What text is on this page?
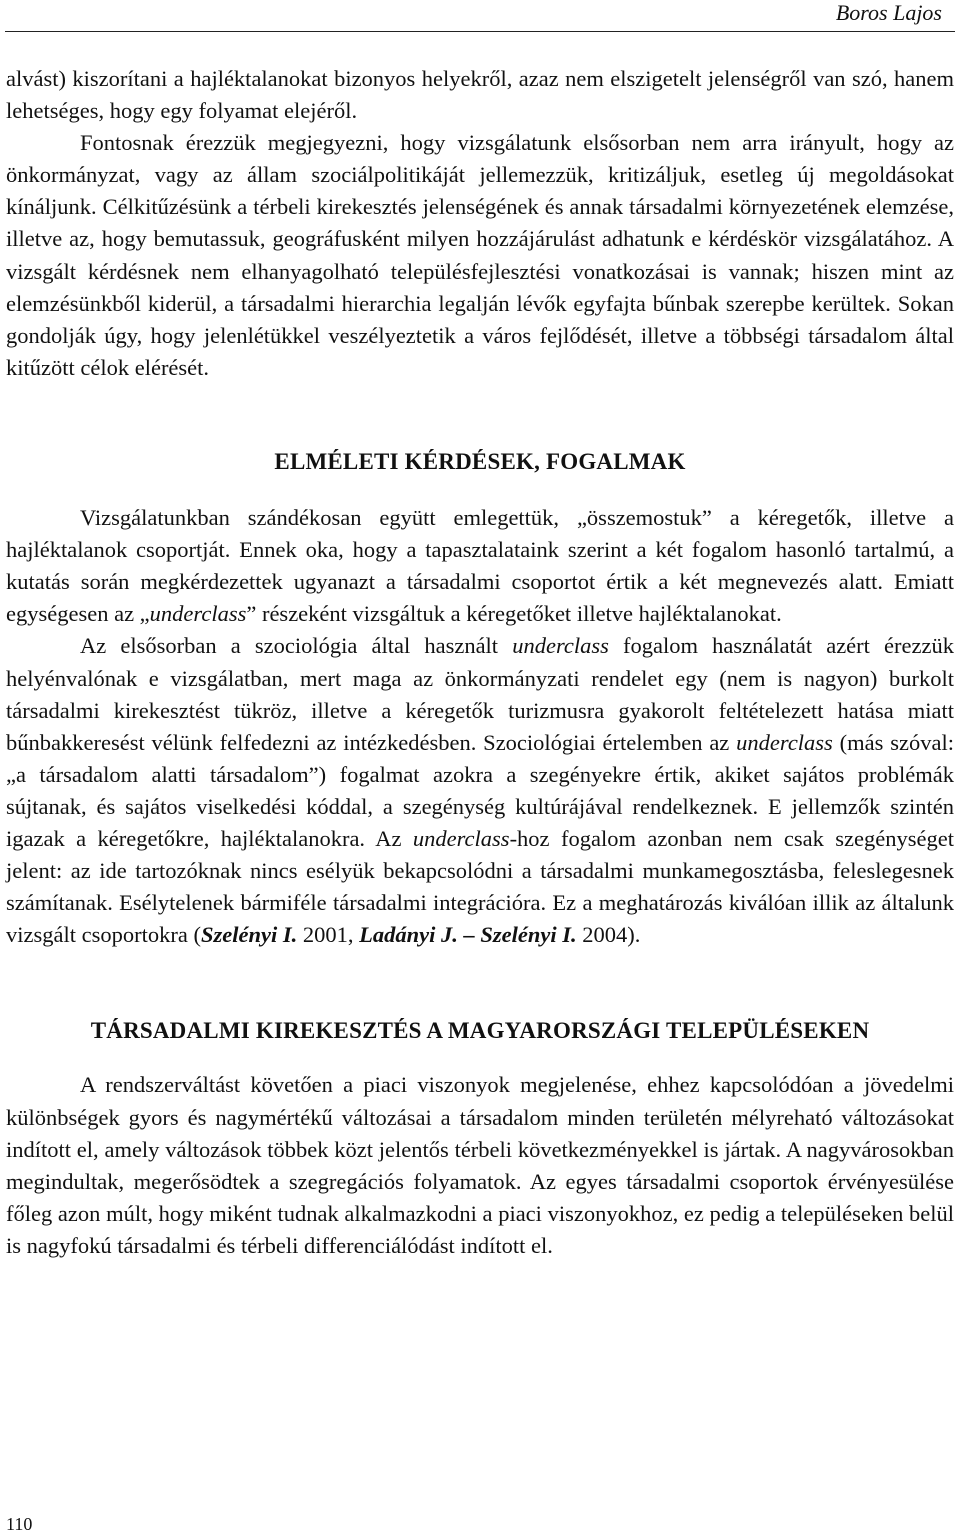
Boros Lajos

alvást) kiszorítani a hajléktalanokat bizonyos helyekről, azaz nem elszigetelt jelenségről van szó, hanem lehetséges, hogy egy folyamat elejéről.

Fontosnak érezzük megjegyezni, hogy vizsgálatunk elsősorban nem arra irányult, hogy az önkormányzat, vagy az állam szociálpolitikáját jellemezzük, kritizáljuk, esetleg új megoldásokat kínáljunk. Célkitűzésünk a térbeli kirekesztés jelenségének és annak társadalmi környezetének elemzése, illetve az, hogy bemutassuk, geográfusként milyen hozzájárulást adhatunk e kérdéskör vizsgálatához. A vizsgált kérdésnek nem elhanyagolható településfejlesztési vonatkozásai is vannak; hiszen mint az elemzésünkből kiderül, a társadalmi hierarchia legalján lévők egyfajta bűnbak szerepbe kerültek. Sokan gondolják úgy, hogy jelenlétükkel veszélyeztetik a város fejlődését, illetve a többségi társadalom által kitűzött célok elérését.

ELMÉLETI KÉRDÉSEK, FOGALMAK

Vizsgálatunkban szándékosan együtt emlegettük, „összemostuk” a kéregetők, illetve a hajléktalanok csoportját. Ennek oka, hogy a tapasztalataink szerint a két fogalom hasonló tartalmú, a kutatás során megkérdezettek ugyanazt a társadalmi csoportot értik a két megnevezés alatt. Emiatt egységesen az „underclass” részeként vizsgáltuk a kéregetőket illetve hajléktalanokat.

Az elsősorban a szociológia által használt underclass fogalom használatát azért érezzük helyénvalónak e vizsgálatban, mert maga az önkormányzati rendelet egy (nem is nagyon) burkolt társadalmi kirekesztést tükröz, illetve a kéregetők turizmusra gyakorolt feltételezett hatása miatt bűnbakkeresést vélünk felfedezni az intézkedésben. Szociológiai értelemben az underclass (más szóval: „a társadalom alatti társadalom”) fogalmat azokra a szegényekre értik, akiket sajátos problémák sújtanak, és sajátos viselkedési kóddal, a szegénység kultúrájával rendelkeznek. E jellemzők szintén igazak a kéregetőkre, hajléktalanokra. Az underclass-hoz fogalom azonban nem csak szegénységet jelent: az ide tartozóknak nincs esélyük bekapcsolódni a társadalmi munkamegosztásba, feleslegesnek számítanak. Esélytelenek bármiféle társadalmi integrációra. Ez a meghatározás kiválóan illik az általunk vizsgált csoportokra (Szelényi I. 2001, Ladányi J. – Szelényi I. 2004).

TÁRSADALMI KIREKESZTÉS A MAGYARORSZÁGI TELEPÜLÉSEKEN

A rendszerváltást követően a piaci viszonyok megjelenése, ehhez kapcsolódóan a jövedelmi különbségek gyors és nagymértékű változásai a társadalom minden területén mélyreható változásokat indított el, amely változások többek közt jelentős térbeli következményekkel is jártak. A nagyvárosokban megindultak, megerősödtek a szegregációs folyamatok. Az egyes társadalmi csoportok érvényesülése főleg azon múlt, hogy miként tudnak alkalmazkodni a piaci viszonyokhoz, ez pedig a településeken belül is nagyfokú társadalmi és térbeli differenciálódást indított el.

110
